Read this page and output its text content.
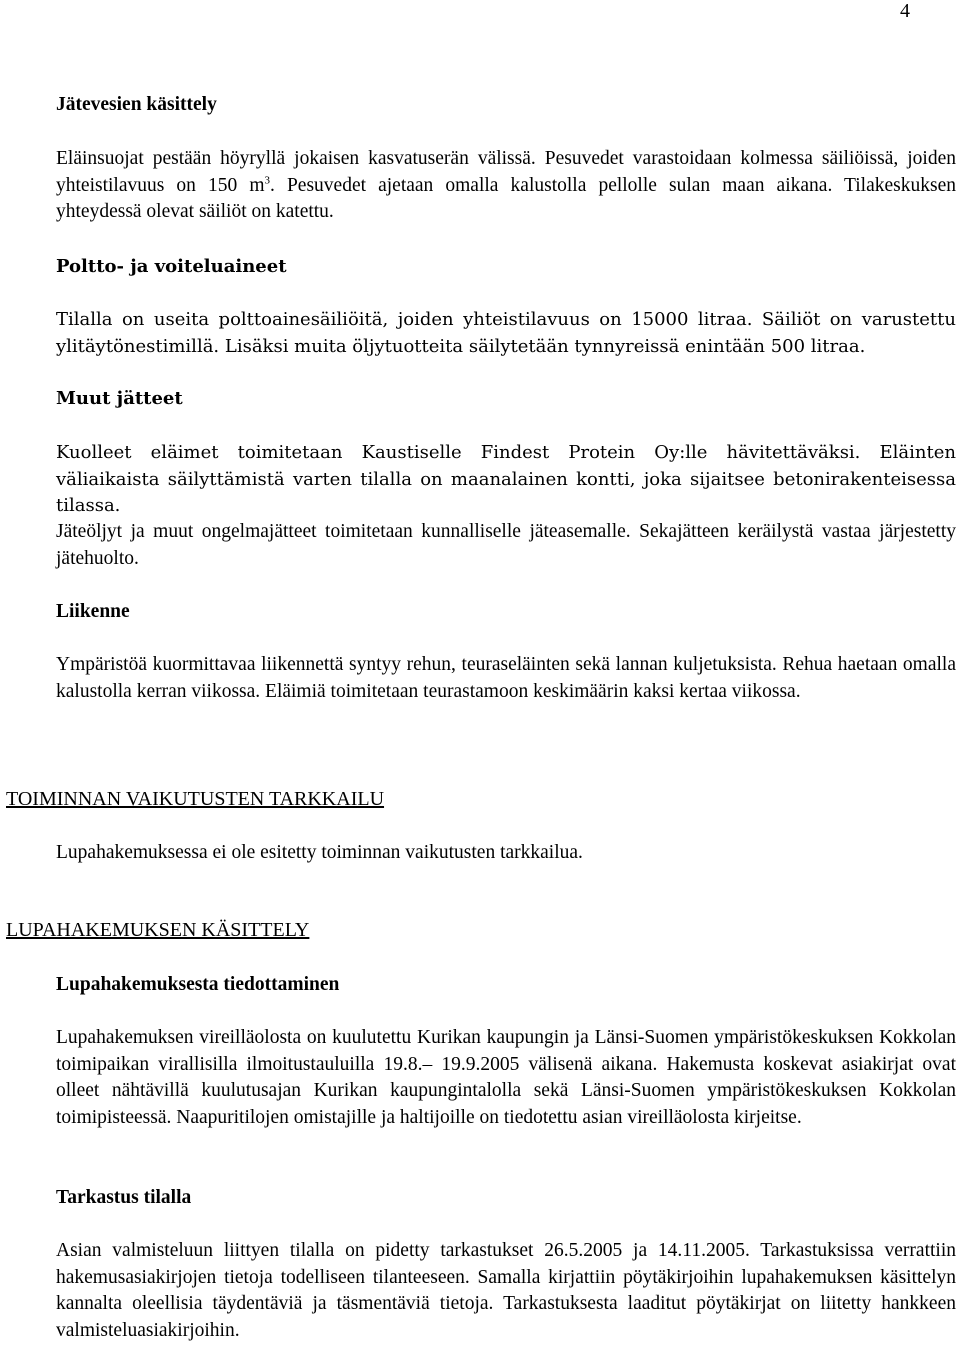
4
Jätevesien käsittely

Eläinsuojat pestään höyryllä jokaisen kasvatuserän välissä. Pesuvedet varastoidaan kolmessa säiliöissä, joiden yhteistilavuus on 150 $m^3$. Pesuvedet ajetaan omalla kalustolla pellolle sulan maan aikana. Tilakeskuksen yhteydessä olevat säiliöt on katettu.

Poltto- ja voiteluaineet

Tilalla on useita polttoainesäiliöitä, joiden yhteistilavuus on 15000 litraa. Säiliöt on varustettu ylitäytönestimillä. Lisäksi muita öljytuotteita säilytetään tynnyreissä enintään 500 litraa.

Muut jätteet

Kuolleet eläimet toimitetaan Kaustiselle Findest Protein Oy:lle hävitettäväksi. Eläinten väliaikaista säilyttämistä varten tilalla on maanalainen kontti, joka sijaitsee betonirakenteisessa tilassa.

Jäteöljyt ja muut ongelmajätteet toimitetaan kunnalliselle jäteasemalle. Sekajätteen keräilystä vastaa järjestetty jätehuolto.

Liikenne

Ympäristöä kuormittavaa liikennettä syntyy rehun, teuraseläinten sekä lannan kuljetuksista. Rehua haetaan omalla kalustolla kerran viikossa. Eläimiä toimitetaan teurastamoon keskimäärin kaksi kertaa viikossa.

TOIMINNAN VAIKUTUSTEN TARKKAILU

Lupahakemuksessa ei ole esitetty toiminnan vaikutusten tarkkailua.

LUPAHAKEMUKSEN KÄSITTELY
Lupahakemuksesta tiedottaminen

Lupahakemuksen vireilläolosta on kuulutettu Kurikan kaupungin ja Länsi-Suomen ympäristökeskuksen Kokkolan toimipaikan virallisilla ilmoitustauluilla 19.8.– 19.9.2005 välisenä aikana. Hakemusta koskevat asiakirjat ovat olleet nähtävillä kuulutusajan Kurikan kaupungintalolla sekä Länsi-Suomen ympäristökeskuksen Kokkolan toimipisteessä. Naapuritilojen omistajille ja haltijoille on tiedotettu asian vireilläolosta kirjeitse.

Tarkastus tilalla

Asian valmisteluun liittyen tilalla on pidetty tarkastukset 26.5.2005 ja 14.11.2005. Tarkastuksissa verrattiin hakemusasiakirjojen tietoja todelliseen tilanteeseen. Samalla kirjattiin pöytäkirjoihin lupahakemuksen käsittelyn kannalta oleellisia täydentäviä ja täsmentäviä tietoja. Tarkastuksesta laaditut pöytäkirjat on liitetty hankkeen valmisteluasiakirjoihin.
